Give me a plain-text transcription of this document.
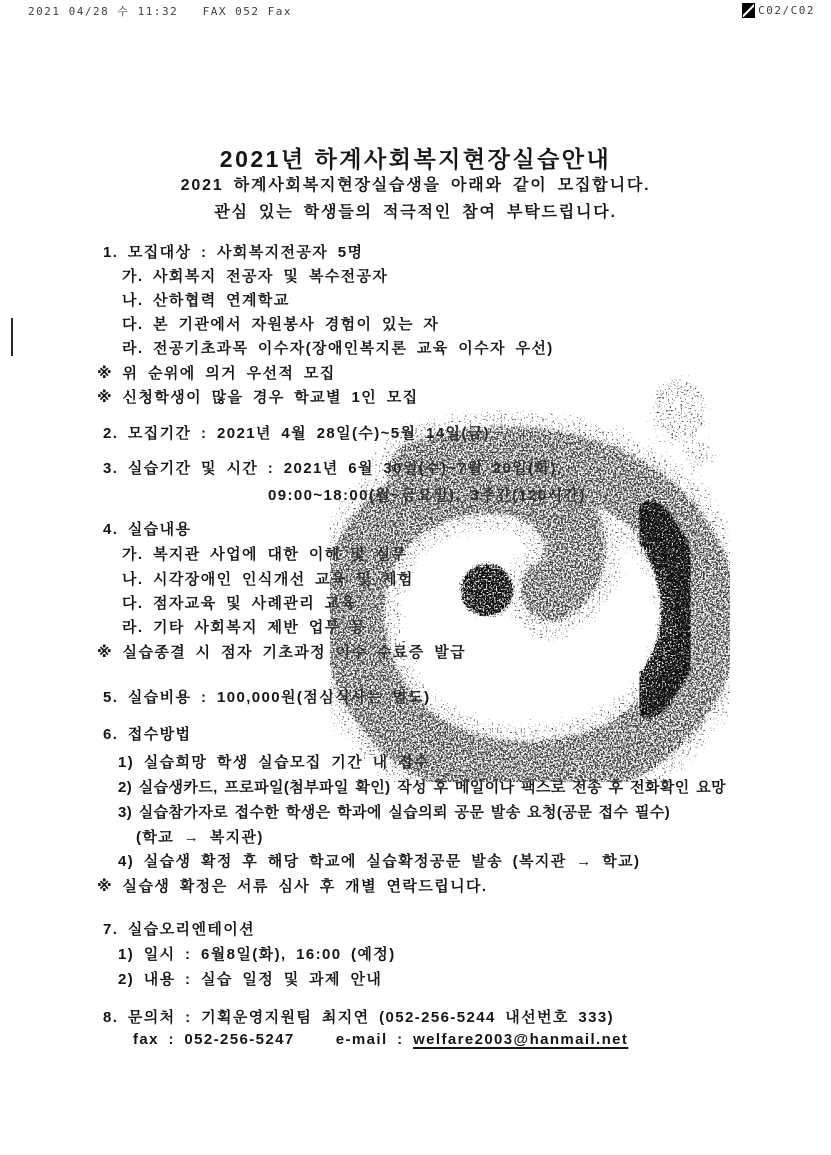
2021 04/28 수 11:32 FAX 052 Fax	C02/C02
2021년 하계사회복지현장실습안내
2021 하계사회복지현장실습생을 아래와 같이 모집합니다.
관심 있는 학생들의 적극적인 참여 부탁드립니다.
1. 모집대상 : 사회복지전공자 5명
가. 사회복지 전공자 및 복수전공자
나. 산하협력 연계학교
다. 본 기관에서 자원봉사 경험이 있는 자
라. 전공기초과목 이수자(장애인복지론 교육 이수자 우선)
※ 위 순위에 의거 우선적 모집
※ 신청학생이 많을 경우 학교별 1인 모집
2. 모집기간 : 2021년 4월 28일(수)~5월 14일(금)
3. 실습기간 및 시간 : 2021년 6월 30일(수)~7월 20일(화),
09:00~18:00(월~금요일), 3주간(120시간)
4. 실습내용
가. 복지관 사업에 대한 이해 및 실무
나. 시각장애인 인식개선 교육 및 체험
다. 점자교육 및 사례관리 교육
라. 기타 사회복지 제반 업무 등
※ 실습종결 시 점자 기초과정 이수 수료증 발급
5. 실습비용 : 100,000원(점심식사는 별도)
6. 접수방법
1) 실습희망 학생 실습모집 기간 내 접수
2) 실습생카드, 프로파일(첨부파일 확인) 작성 후 메일이나 팩스로 전송 후 전화확인 요망
3) 실습참가자로 접수한 학생은 학과에 실습의뢰 공문 발송 요청(공문 접수 필수)
(학교 → 복지관)
4) 실습생 확정 후 해당 학교에 실습확정공문 발송 (복지관 → 학교)
※ 실습생 확정은 서류 심사 후 개별 연락드립니다.
7. 실습오리엔테이션
1) 일시 : 6월8일(화), 16:00 (예정)
2) 내용 : 실습 일정 및 과제 안내
8. 문의처 : 기획운영지원팀 최지연 (052-256-5244 내선번호 333)
fax : 052-256-5247	e-mail : welfare2003@hanmail.net
